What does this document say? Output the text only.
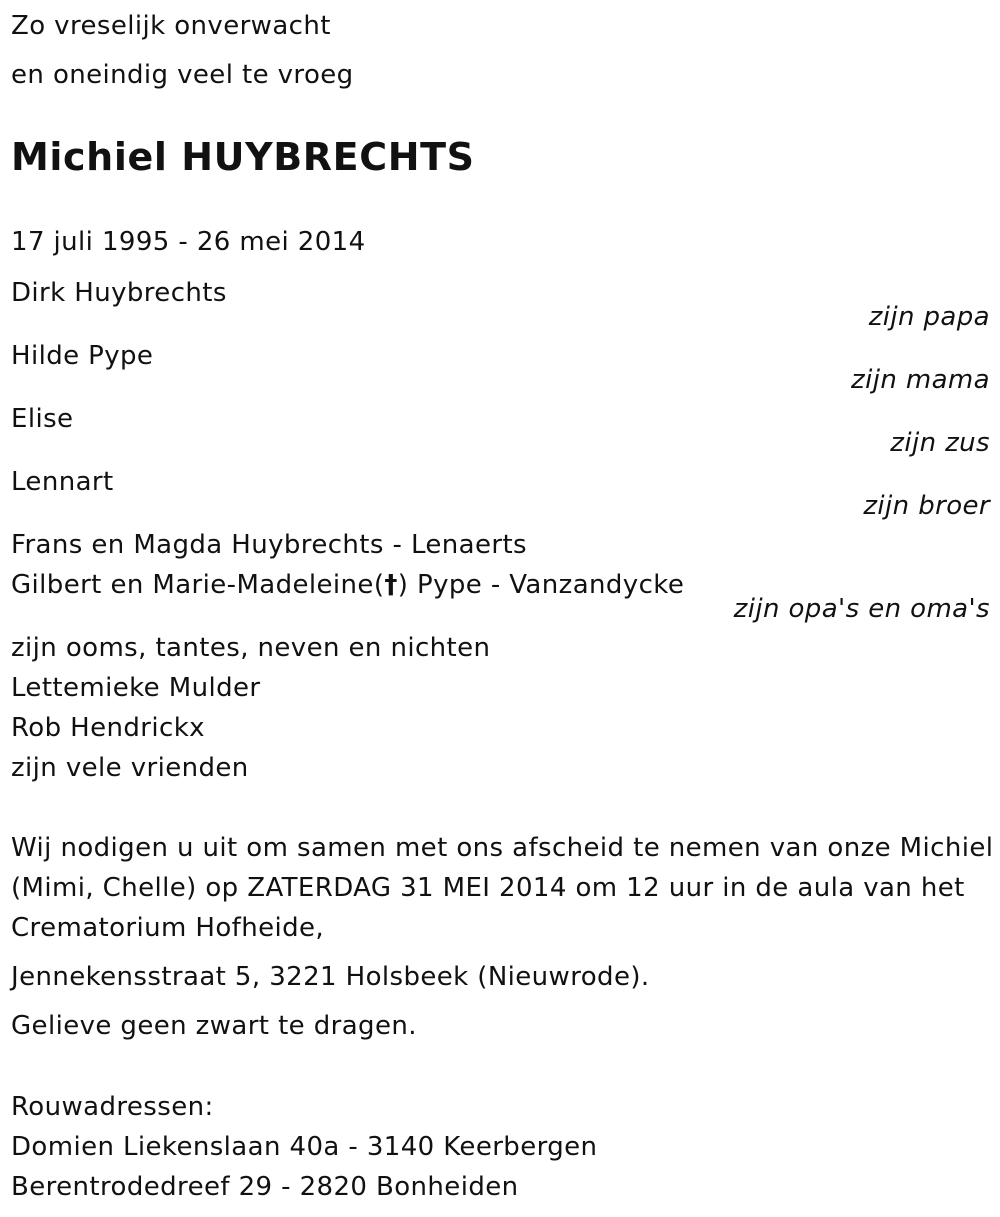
Zo vreselijk onverwacht
en oneindig veel te vroeg
Michiel HUYBRECHTS
17 juli 1995 - 26 mei 2014
Dirk Huybrechts
zijn papa
Hilde Pype
zijn mama
Elise
zijn zus
Lennart
zijn broer
Frans en Magda Huybrechts - Lenaerts
Gilbert en Marie-Madeleine(†) Pype - Vanzandycke
zijn opa's en oma's
zijn ooms, tantes, neven en nichten
Lettemieke Mulder
Rob Hendrickx
zijn vele vrienden
Wij nodigen u uit om samen met ons afscheid te nemen van onze Michiel
(Mimi, Chelle) op ZATERDAG 31 MEI 2014 om 12 uur in de aula van het
Crematorium Hofheide,
Jennekensstraat 5, 3221 Holsbeek (Nieuwrode).
Gelieve geen zwart te dragen.
Rouwadressen:
Domien Liekenslaan 40a - 3140 Keerbergen
Berentrodedreef 29 - 2820 Bonheiden
